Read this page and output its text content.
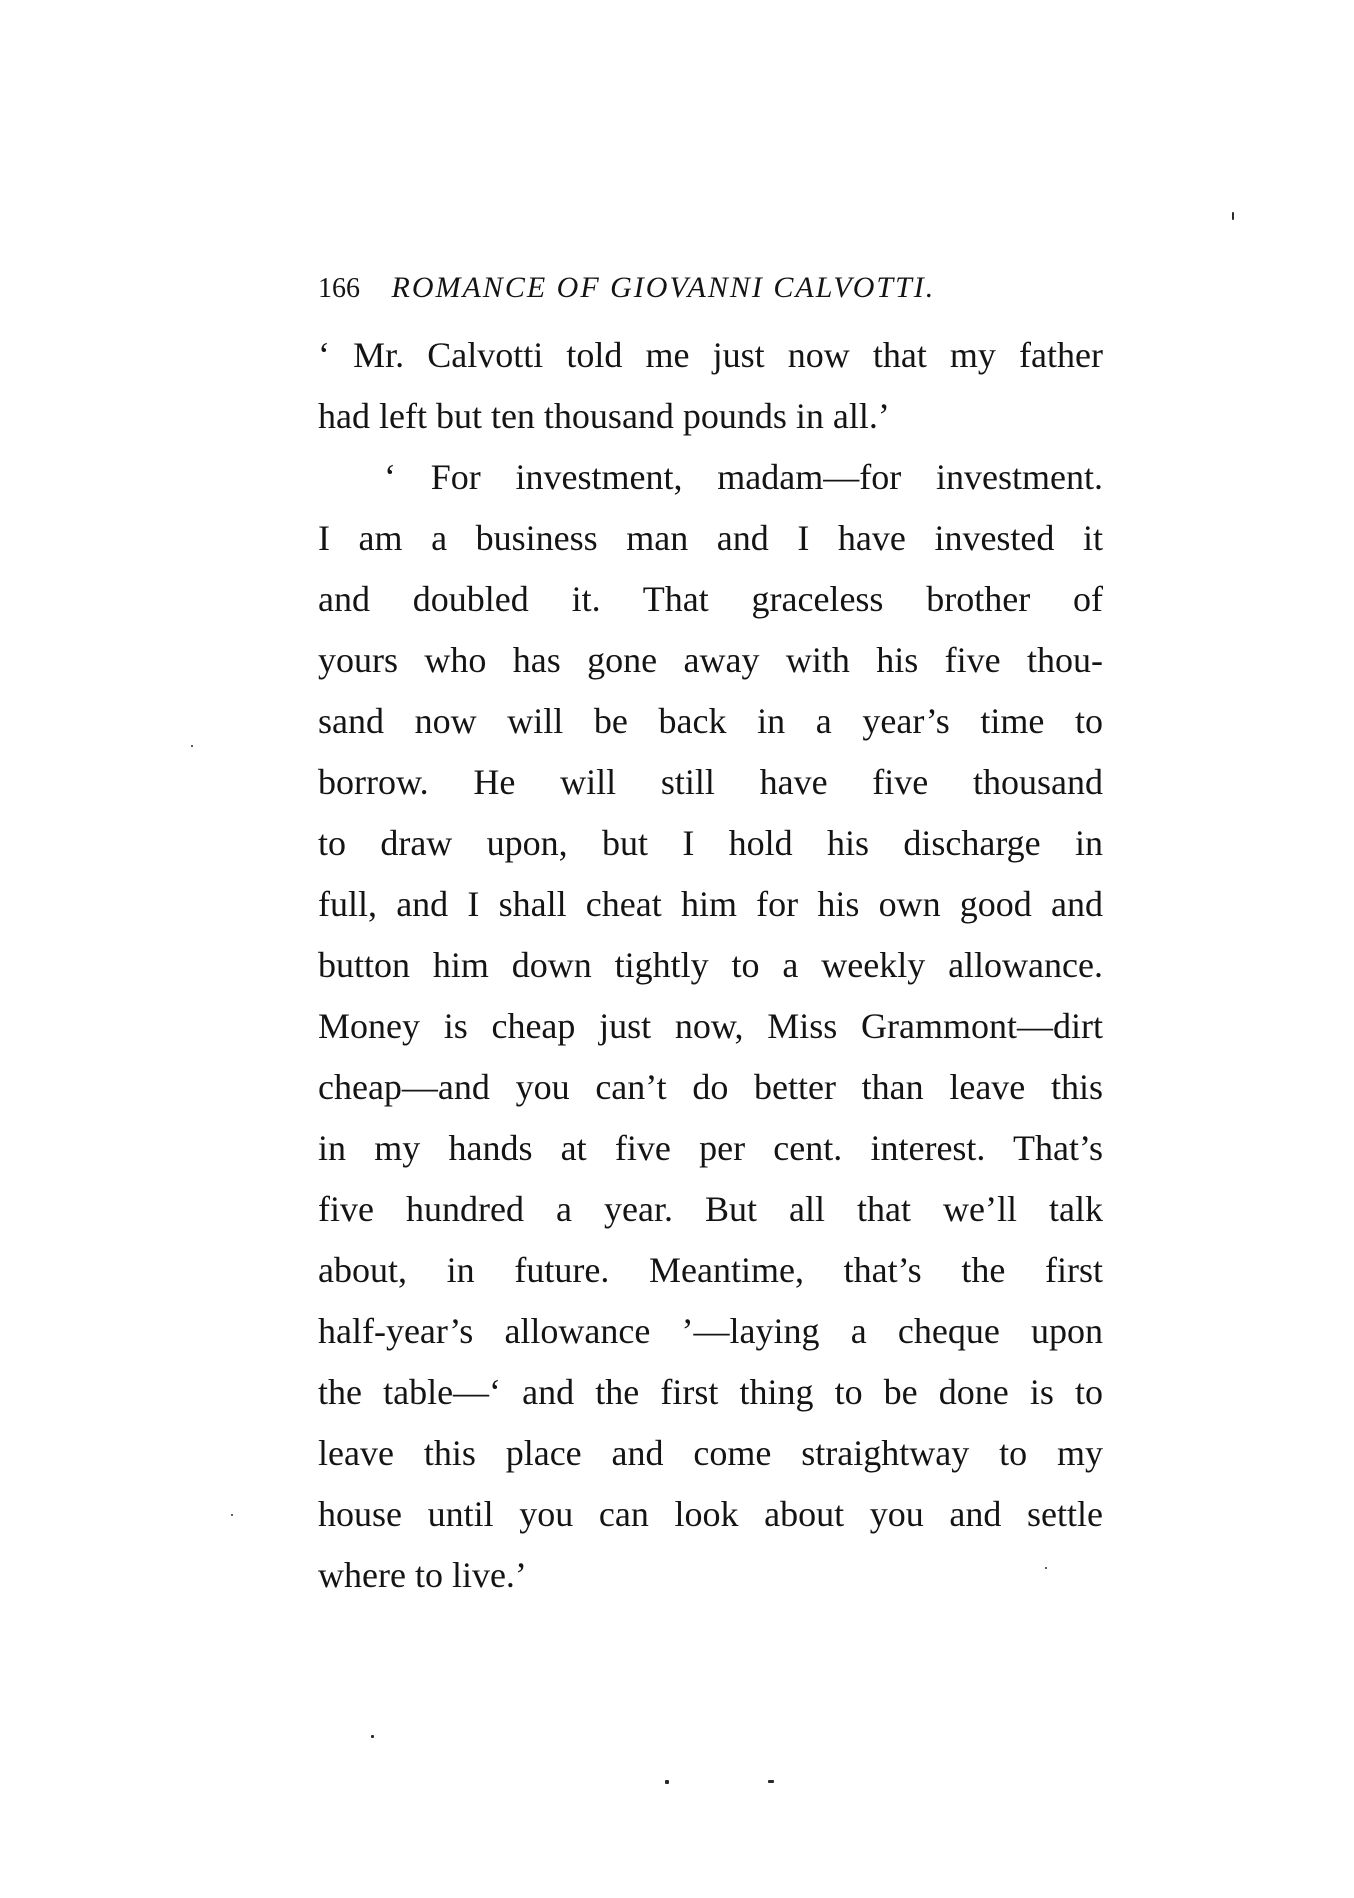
166 ROMANCE OF GIOVANNI CALVOTTI.
‘ Mr. Calvotti told me just now that my father
had left but ten thousand pounds in all.’
‘ For investment, madam—for investment.
I am a business man and I have invested it
and doubled it. That graceless brother of
yours who has gone away with his five thou-
sand now will be back in a year’s time to
borrow. He will still have five thousand
to draw upon, but I hold his discharge in
full, and I shall cheat him for his own good and
button him down tightly to a weekly allowance.
Money is cheap just now, Miss Grammont—dirt
cheap—and you can’t do better than leave this
in my hands at five per cent. interest. That’s
five hundred a year. But all that we’ll talk
about, in future. Meantime, that’s the first
half-year’s allowance ’—laying a cheque upon
the table—‘ and the first thing to be done is to
leave this place and come straightway to my
house until you can look about you and settle
where to live.’
